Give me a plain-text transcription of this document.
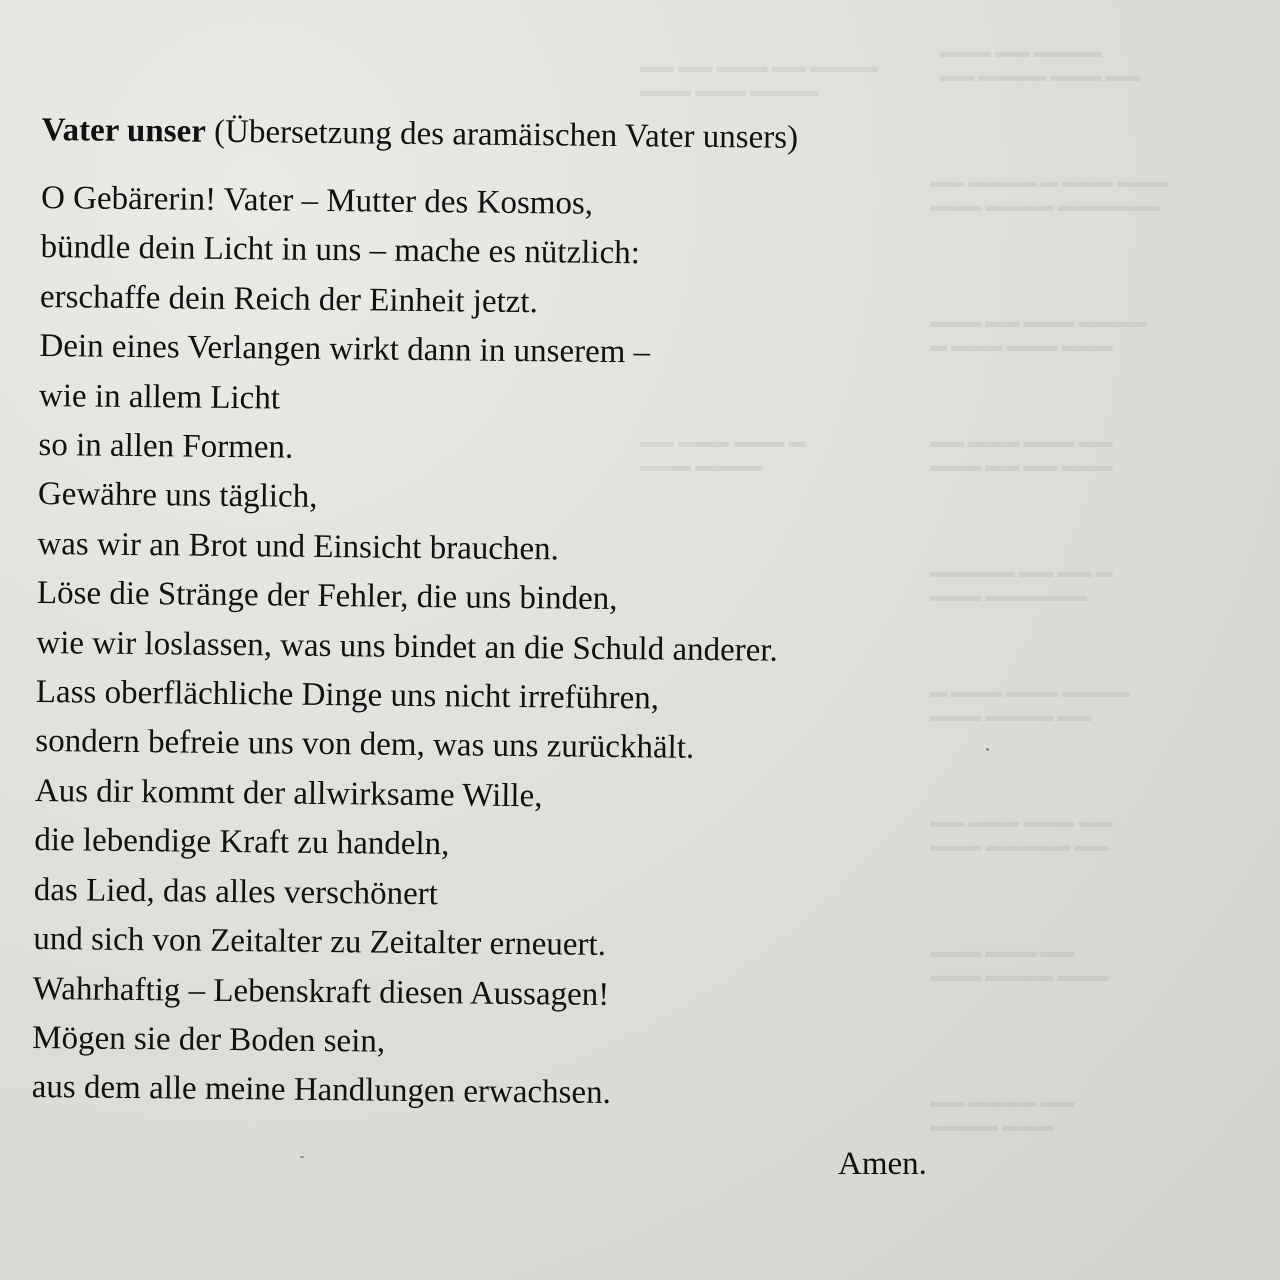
▬▬▬ ▬▬ ▬▬▬▬
▬▬ ▬▬▬▬ ▬▬▬ ▬▬
▬▬ ▬▬▬▬ ▬ ▬▬▬ ▬▬▬
▬▬▬ ▬▬▬▬ ▬▬▬▬▬▬
▬▬▬ ▬▬ ▬▬▬ ▬▬▬▬
▬ ▬▬▬ ▬▬▬ ▬▬▬
▬▬ ▬▬▬ ▬▬▬ ▬▬
▬▬▬ ▬▬ ▬▬ ▬▬▬
▬▬▬▬▬ ▬▬ ▬▬ ▬
▬▬▬ ▬▬▬▬▬▬
▬ ▬▬▬ ▬▬▬ ▬▬▬▬
▬▬▬ ▬▬▬▬ ▬▬
▬▬ ▬▬▬ ▬▬▬ ▬▬
▬▬▬ ▬▬▬▬▬ ▬▬
▬▬▬ ▬▬▬ ▬▬
▬▬▬ ▬▬▬▬ ▬▬▬
▬▬ ▬▬▬▬ ▬▬
▬▬▬▬ ▬▬▬
▬▬ ▬▬ ▬▬▬ ▬▬ ▬▬▬▬
▬▬▬ ▬▬▬ ▬▬▬▬
▬▬ ▬▬▬ ▬▬▬ ▬
▬▬▬ ▬▬▬▬
Vater unser (Übersetzung des aramäischen Vater unsers)
O Gebärerin! Vater – Mutter des Kosmos,
bündle dein Licht in uns – mache es nützlich:
erschaffe dein Reich der Einheit jetzt.
Dein eines Verlangen wirkt dann in unserem –
wie in allem Licht
so in allen Formen.
Gewähre uns täglich,
was wir an Brot und Einsicht brauchen.
Löse die Stränge der Fehler, die uns binden,
wie wir loslassen, was uns bindet an die Schuld anderer.
Lass oberflächliche Dinge uns nicht irreführen,
sondern befreie uns von dem, was uns zurückhält.
Aus dir kommt der allwirksame Wille,
die lebendige Kraft zu handeln,
das Lied, das alles verschönert
und sich von Zeitalter zu Zeitalter erneuert.
Wahrhaftig – Lebenskraft diesen Aussagen!
Mögen sie der Boden sein,
aus dem alle meine Handlungen erwachsen.
Amen.
